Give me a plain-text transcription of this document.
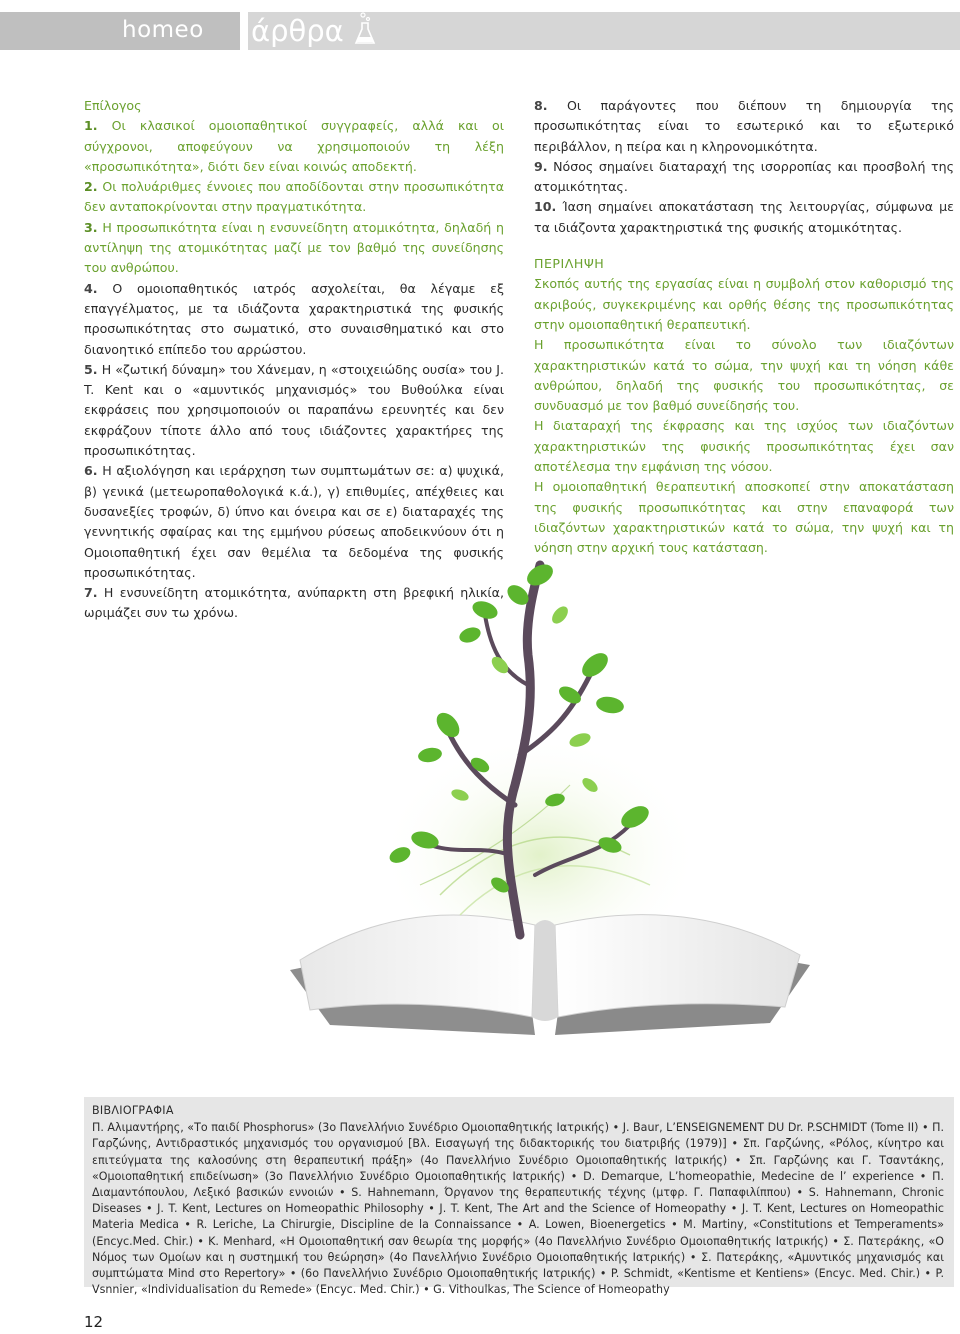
homeo άρθρα

Επίλογος

1. Οι κλασικοί ομοιοπαθητικοί συγγραφείς, αλλά και οι σύγχρονοι, αποφεύγουν να χρησιμοποιούν τη λέξη «προσωπικότητα», διότι δεν είναι κοινώς αποδεκτή.

2. Οι πολυάριθμες έννοιες που αποδίδονται στην προσωπικότητα δεν ανταποκρίνονται στην πραγματικότητα.

3. Η προσωπικότητα είναι η ενσυνείδητη ατομικότητα, δηλαδή η αντίληψη της ατομικότητας μαζί με τον βαθμό της συνείδησης του ανθρώπου.

4. Ο ομοιοπαθητικός ιατρός ασχολείται, θα λέγαμε εξ επαγγέλματος, με τα ιδιάζοντα χαρακτηριστικά της φυσικής προσωπικότητας στο σωματικό, στο συναισθηματικό και στο διανοητικό επίπεδο του αρρώστου.

5. Η «ζωτική δύναμη» του Χάνεμαν, η «στοιχειώδης ουσία» του J. T. Kent και ο «αμυντικός μηχανισμός» του Βυθούλκα είναι εκφράσεις που χρησιμοποιούν οι παραπάνω ερευνητές και δεν εκφράζουν τίποτε άλλο από τους ιδιάζοντες χαρακτήρες της προσωπικότητας.

6. Η αξιολόγηση και ιεράρχηση των συμπτωμάτων σε: α) ψυχικά, β) γενικά (μετεωροπαθολογικά κ.ά.), γ) επιθυμίες, απέχθειες και δυσανεξίες τροφών, δ) ύπνο και όνειρα και σε ε) διαταραχές της γεννητικής σφαίρας και της εμμήνου ρύσεως αποδεικνύουν ότι η Ομοιοπαθητική έχει σαν θεμέλια τα δεδομένα της φυσικής προσωπικότητας.

7. Η ενσυνείδητη ατομικότητα, ανύπαρκτη στη βρεφική ηλικία, ωριμάζει συν τω χρόνω.

8. Οι παράγοντες που διέπουν τη δημιουργία της προσωπικότητας είναι το εσωτερικό και το εξωτερικό περιβάλλον, η πείρα και η κληρονομικότητα.

9. Νόσος σημαίνει διαταραχή της ισορροπίας και προσβολή της ατομικότητας.

10. Ίαση σημαίνει αποκατάσταση της λειτουργίας, σύμφωνα με τα ιδιάζοντα χαρακτηριστικά της φυσικής ατομικότητας.

ΠΕΡΙΛΗΨΗ

Σκοπός αυτής της εργασίας είναι η συμβολή στον καθορισμό της ακριβούς, συγκεκριμένης και ορθής θέσης της προσωπικότητας στην ομοιοπαθητική θεραπευτική.

Η προσωπικότητα είναι το σύνολο των ιδιαζόντων χαρακτηριστικών κατά το σώμα, την ψυχή και τη νόηση κάθε ανθρώπου, δηλαδή της φυσικής του προσωπικότητας, σε συνδυασμό με τον βαθμό συνείδησής του.

Η διαταραχή της έκφρασης και της ισχύος των ιδιαζόντων χαρακτηριστικών της φυσικής προσωπικότητας έχει σαν αποτέλεσμα την εμφάνιση της νόσου.

Η ομοιοπαθητική θεραπευτική αποσκοπεί στην αποκατάσταση της φυσικής προσωπικότητας και στην επαναφορά των ιδιαζόντων χαρακτηριστικών κατά το σώμα, την ψυχή και τη νόηση στην αρχική τους κατάσταση.

ΒΙΒΛΙΟΓΡΑΦΙΑ

Π. Αλιμαντήρης, «Το παιδί Phosphorus» (3ο Πανελλήνιο Συνέδριο Ομοιοπαθητικής Ιατρικής) • J. Baur, L’ENSEIGNEMENT DU Dr. P.SCHMIDT (Tome II) • Π. Γαρζώνης, Αντιδραστικός μηχανισμός του οργανισμού [Βλ. Εισαγωγή της διδακτορικής του διατριβής (1979)] • Σπ. Γαρζώνης, «Ρόλος, κίνητρο και επιτεύγματα της καλοσύνης στη θεραπευτική πράξη» (4ο Πανελλήνιο Συνέδριο Ομοιοπαθητικής Ιατρικής) • Σπ. Γαρζώνης και Γ. Τσαντάκης, «Ομοιοπαθητική επιδείνωση» (3ο Πανελλήνιο Συνέδριο Ομοιοπαθητικής Ιατρικής) • D. Demarque, L’homeopathie, Medecine de l’ experience • Π. Διαμαντόπουλου, Λεξικό βασικών εννοιών • S. Hahnemann, Όργανον της θεραπευτικής τέχνης (μτφρ. Γ. Παπαφιλίππου) • S. Hahnemann, Chronic Diseases • J. T. Kent, Lectures on Homeopathic Philosophy • J. T. Kent, The Art and the Science of Homeopathy • J. T. Kent, Lectures on Homeopathic Materia Medica • R. Leriche, La Chirurgie, Discipline de la Connaissance • A. Lowen, Bioenergetics • M. Martiny, «Constitutions et Temperaments» (Encyc.Med. Chir.) • K. Menhard, «Η Ομοιοπαθητική σαν θεωρία της μορφής» (4ο Πανελλήνιο Συνέδριο Ομοιοπαθητικής Ιατρικής) • Σ. Πατεράκης, «Ο Νόμος των Ομοίων και η συστημική του θεώρηση» (4ο Πανελλήνιο Συνέδριο Ομοιοπαθητικής Ιατρικής) • Σ. Πατεράκης, «Αμυντικός μηχανισμός και συμπτώματα Mind στο Repertory» • (6ο Πανελλήνιο Συνέδριο Ομοιοπαθητικής Ιατρικής) • P. Schmidt, «Kentisme et Kentiens» (Encyc. Med. Chir.) • P. Vsnnier, «Individualisation du Remede» (Encyc. Med. Chir.) • G. Vithoulkas, The Science of Homeopathy

12
